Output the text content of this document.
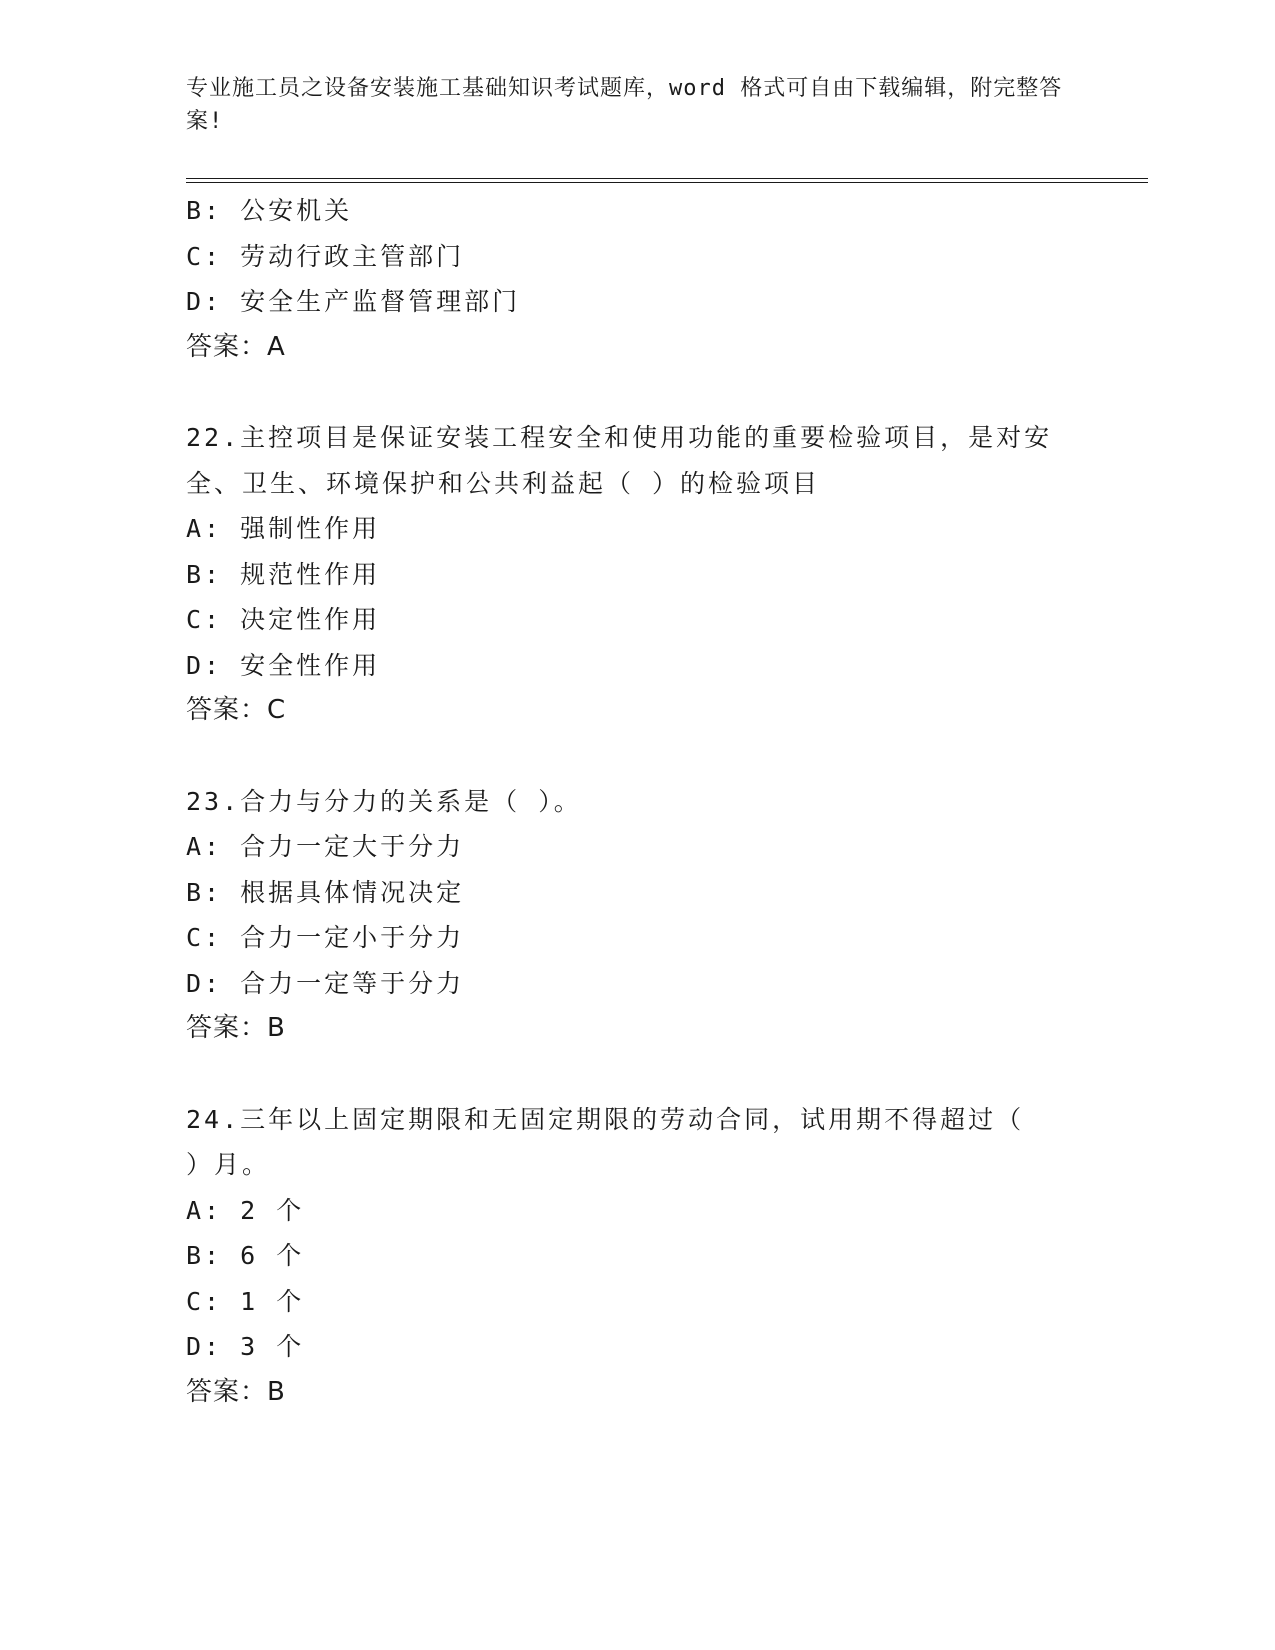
专业施工员之设备安装施工基础知识考试题库，word 格式可自由下载编辑，附完整答案!
B: 公安机关
C: 劳动行政主管部门
D: 安全生产监督管理部门
答案：A
22.主控项目是保证安装工程安全和使用功能的重要检验项目，是对安
全、卫生、环境保护和公共利益起（ ）的检验项目
A: 强制性作用
B: 规范性作用
C: 决定性作用
D: 安全性作用
答案：C
23.合力与分力的关系是（ ）。
A: 合力一定大于分力
B: 根据具体情况决定
C: 合力一定小于分力
D: 合力一定等于分力
答案：B
24.三年以上固定期限和无固定期限的劳动合同，试用期不得超过（
）月。
A: 2 个
B: 6 个
C: 1 个
D: 3 个
答案：B
